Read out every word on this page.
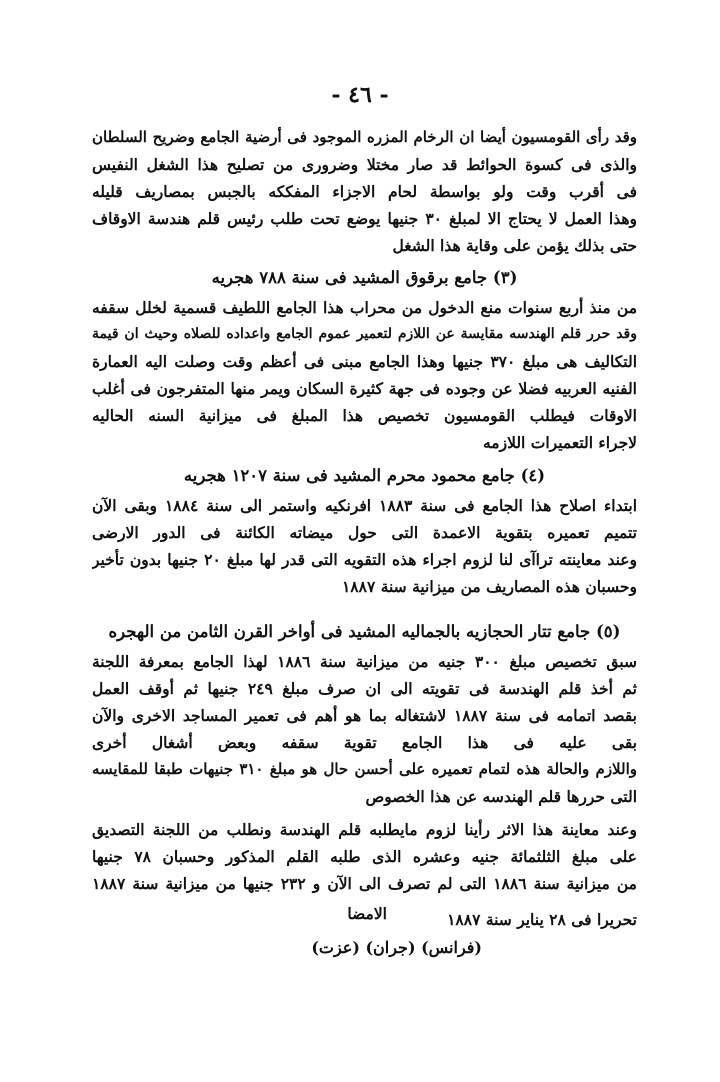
- ٤٦ -
وقد رأى القومسيون أيضا ان الرخام المزره الموجود فى أرضية الجامع وضريح السلطان
والذى فى كسوة الحوائط قد صار مختلا وضرورى من تصليح هذا الشغل النفيس
فى أقرب وقت ولو بواسطة لحام الاجزاء المفككه بالجبس بمصاريف قليله
وهذا العمل لا يحتاج الا لمبلغ ٣٠ جنيها يوضع تحت طلب رئيس قلم هندسة الاوقاف
حتى بذلك يؤمن على وقاية هذا الشغل
(٣) جامع برقوق المشيد فى سنة ٧٨٨ هجريه
من منذ أربع سنوات منع الدخول من محراب هذا الجامع اللطيف قسمية لخلل سقفه
وقد حرر قلم الهندسه مقايسة عن اللازم لتعمير عموم الجامع واعداده للصلاه وحيث ان قيمة
التكاليف هى مبلغ ٣٧٠ جنيها وهذا الجامع مبنى فى أعظم وقت وصلت اليه العمارة
الفنيه العربيه فضلا عن وجوده فى جهة كثيرة السكان ويمر منها المتفرجون فى أغلب
الاوقات فيطلب القومسيون تخصيص هذا المبلغ فى ميزانية السنه الحاليه
لاجراء التعميرات اللازمه
(٤) جامع محمود محرم المشيد فى سنة ١٢٠٧ هجريه
ابتداء اصلاح هذا الجامع فى سنة ١٨٨٣ افرنكيه واستمر الى سنة ١٨٨٤ وبقى الآن
تتميم تعميره بتقوية الاعمدة التى حول ميضاته الكائنة فى الدور الارضى
وعند معاينته تراآى لنا لزوم اجراء هذه التقويه التى قدر لها مبلغ ٢٠ جنيها بدون تأخير
وحسبان هذه المصاريف من ميزانية سنة ١٨٨٧
(٥) جامع تتار الحجازيه بالجماليه المشيد فى أواخر القرن الثامن من الهجره
سبق تخصيص مبلغ ٣٠٠ جنيه من ميزانية سنة ١٨٨٦ لهذا الجامع بمعرفة اللجنة
ثم أخذ قلم الهندسة فى تقويته الى ان صرف مبلغ ٢٤٩ جنيها ثم أوقف العمل
بقصد اتمامه فى سنة ١٨٨٧ لاشتغاله بما هو أهم فى تعمير المساجد الاخرى والآن
بقى عليه فى هذا الجامع تقوية سقفه وبعض أشغال أخرى
واللازم والحالة هذه لتمام تعميره على أحسن حال هو مبلغ ٣١٠ جنيهات طبقا للمقايسه
التى حررها قلم الهندسه عن هذا الخصوص
وعند معاينة هذا الاثر رأينا لزوم مايطلبه قلم الهندسة ونطلب من اللجنة التصديق
على مبلغ الثلثمائة جنيه وعشره الذى طلبه القلم المذكور وحسبان ٧٨ جنيها
من ميزانية سنة ١٨٨٦ التى لم تصرف الى الآن و ٢٣٢ جنيها من ميزانية سنة ١٨٨٧
تحريرا فى ٢٨ يناير سنة ١٨٨٧
الامضا
(فرانس) (جران) (عزت)
